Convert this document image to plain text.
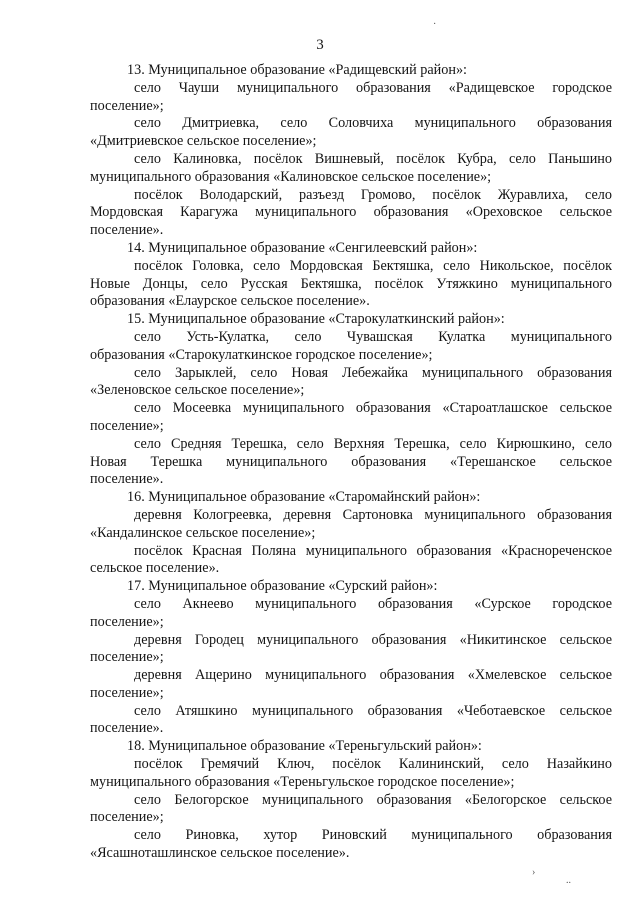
3
13. Муниципальное образование «Радищевский район»:
село Чауши муниципального образования «Радищевское городское
поселение»;
село Дмитриевка, село Соловчиха муниципального образования
«Дмитриевское сельское поселение»;
село Калиновка, посёлок Вишневый, посёлок Кубра, село Паньшино
муниципального образования «Калиновское сельское поселение»;
посёлок Володарский, разъезд Громово, посёлок Журавлиха, село
Мордовская Карагужа муниципального образования «Ореховское сельское
поселение».
14. Муниципальное образование «Сенгилеевский район»:
посёлок Головка, село Мордовская Бектяшка, село Никольское, посёлок
Новые Донцы, село Русская Бектяшка, посёлок Утяжкино муниципального
образования «Елаурское сельское поселение».
15. Муниципальное образование «Старокулаткинский район»:
село Усть-Кулатка, село Чувашская Кулатка муниципального
образования «Старокулаткинское городское поселение»;
село Зарыклей, село Новая Лебежайка муниципального образования
«Зеленовское сельское поселение»;
село Мосеевка муниципального образования «Староатлашское сельское
поселение»;
село Средняя Терешка, село Верхняя Терешка, село Кирюшкино, село
Новая Терешка муниципального образования «Терешанское сельское
поселение».
16. Муниципальное образование «Старомайнский район»:
деревня Кологреевка, деревня Сартоновка муниципального образования
«Кандалинское сельское поселение»;
посёлок Красная Поляна муниципального образования «Краснореченское
сельское поселение».
17. Муниципальное образование «Сурский район»:
село Акнеево муниципального образования «Сурское городское
поселение»;
деревня Городец муниципального образования «Никитинское сельское
поселение»;
деревня Ащерино муниципального образования «Хмелевское сельское
поселение»;
село Атяшкино муниципального образования «Чеботаевское сельское
поселение».
18. Муниципальное образование «Тереньгульский район»:
посёлок Гремячий Ключ, посёлок Калининский, село Назайкино
муниципального образования «Тереньгульское городское поселение»;
село Белогорское муниципального образования «Белогорское сельское
поселение»;
село Риновка, хутор Риновский муниципального образования
«Ясашноташлинское сельское поселение».
·
›
..
